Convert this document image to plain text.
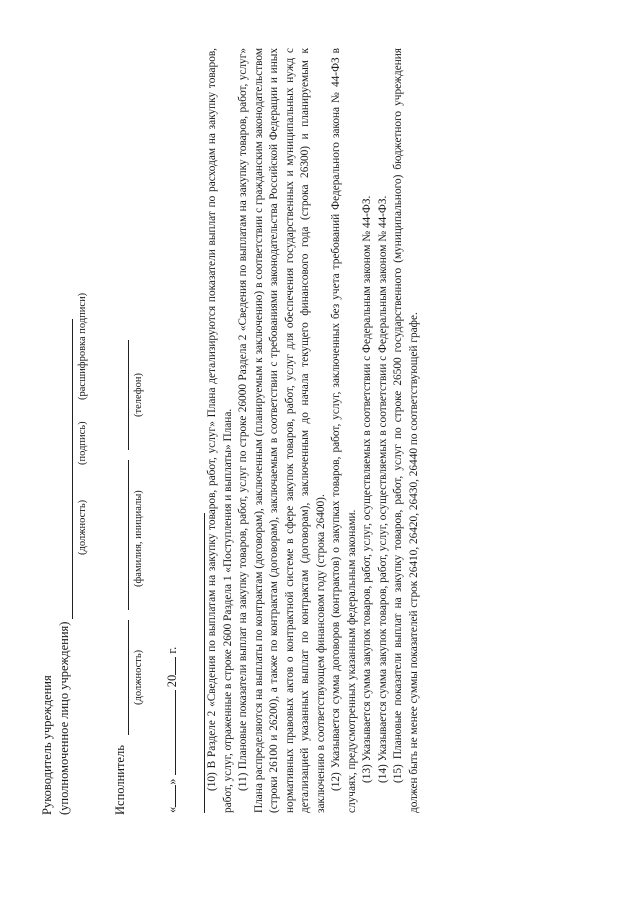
Руководитель учреждения (уполномоченное лицо учреждения)
(должность)
(подпись)
(расшифровка подписи)
Исполнитель
(должность)
(фамилия, инициалы)
(телефон)
«»  20 г. (10) В Разделе 2 «Сведения по выплатам на закупку товаров, работ, услуг» Плана детализируются показатели выплат по расходам на закупку товаров, работ, услуг, отраженные в строке 2600 Раздела 1 «Поступления и выплаты» Плана. (11) Плановые показатели выплат на закупку товаров, работ, услуг по строке 26000 Раздела 2 «Сведения по выплатам на закупку товаров, работ, услуг» Плана распределяются на выплаты по контрактам (договорам), заключенным (планируемым к заключению) в соответствии с гражданским законодательством (строки 26100 и 26200), а также по контрактам (договорам), заключаемым в соответствии с требованиями законодательства Российской Федерации и иных нормативных правовых актов о контрактной системе в сфере закупок товаров, работ, услуг для обеспечения государственных и муниципальных нужд с детализацией указанных выплат по контрактам (договорам), заключенным до начала текущего финансового года (строка 26300) и планируемым к заключению в соответствующем финансовом году (строка 26400). (12) Указывается сумма договоров (контрактов) о закупках товаров, работ, услуг, заключенных без учета требований Федерального закона № 44-ФЗ в случаях, предусмотренных указанным федеральным законами. (13) Указывается сумма закупок товаров, работ, услуг, осуществляемых в соответствии с Федеральным законом № 44-ФЗ. (14) Указывается сумма закупок товаров, работ, услуг, осуществляемых в соответствии с Федеральным законом № 44-ФЗ. (15) Плановые показатели выплат на закупку товаров, работ, услуг по строке 26500 государственного (муниципального) бюджетного учреждения должен быть не менее суммы показателей строк 26410, 26420, 26430, 26440 по соответствующей графе.
